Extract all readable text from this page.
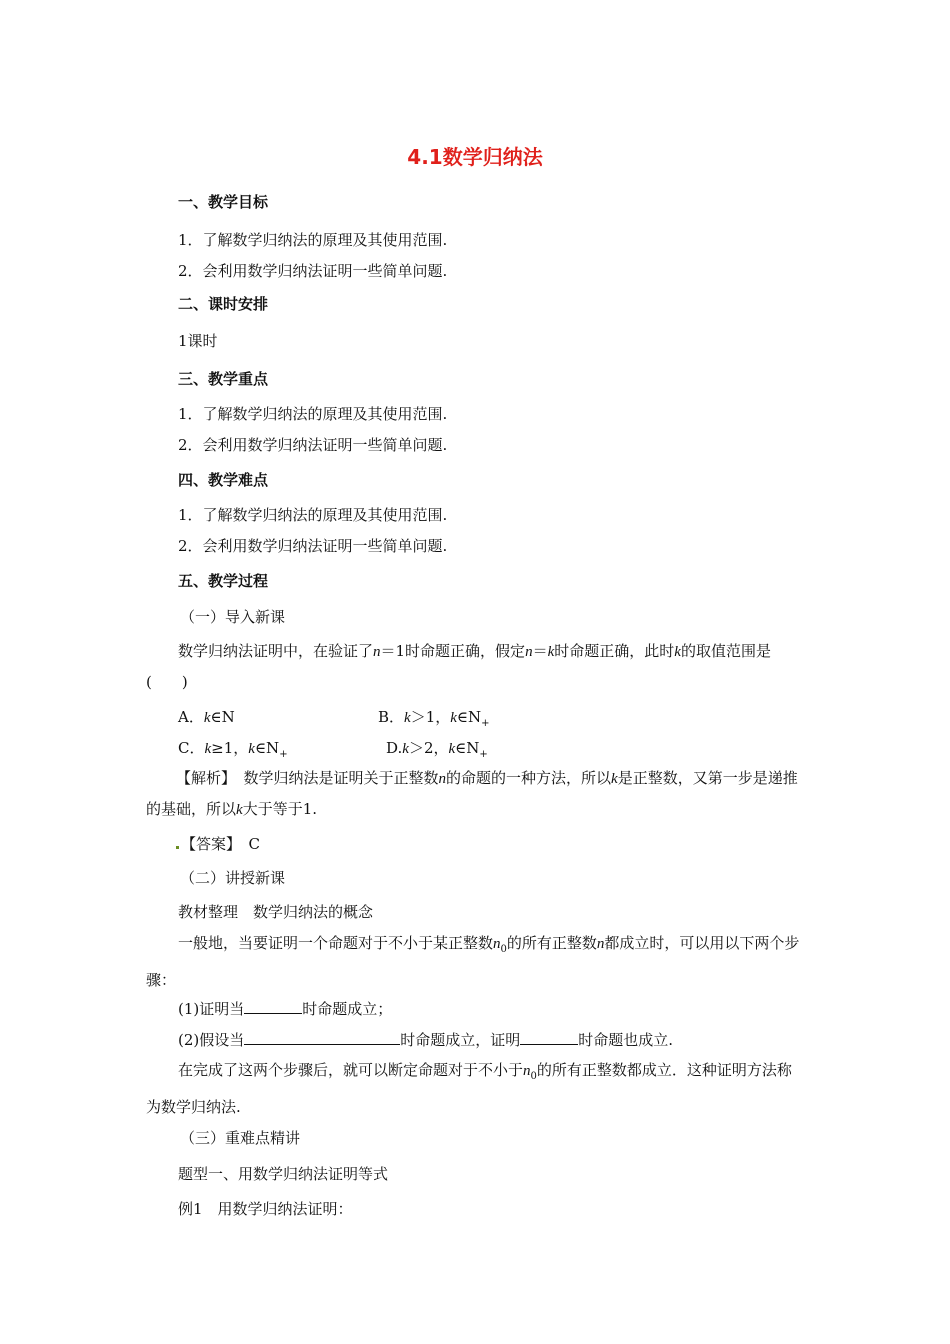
4.1数学归纳法

一、教学目标

1．了解数学归纳法的原理及其使用范围.

2．会利用数学归纳法证明一些简单问题.

二、课时安排

1课时

三、教学重点

1．了解数学归纳法的原理及其使用范围.

2．会利用数学归纳法证明一些简单问题.

四、教学难点

1．了解数学归纳法的原理及其使用范围.

2．会利用数学归纳法证明一些简单问题.

五、教学过程

（一）导入新课

数学归纳法证明中，在验证了n＝1时命题正确，假定n＝k时命题正确，此时k的取值范围是(　　)

A．k∈N	B．k＞1，$k\in N_+$

C．k≥1，$k\in N_+$	D.k＞2，$k\in N_+$

【解析】　数学归纳法是证明关于正整数n的命题的一种方法，所以k是正整数，又第一步是递推的基础，所以k大于等于1.

【答案】　C

（二）讲授新课

教材整理　数学归纳法的概念

一般地，当要证明一个命题对于不小于某正整数$n_0$的所有正整数n都成立时，可以用以下两个步骤：

(1)证明当	时命题成立；

(2)假设当	时命题成立，证明	时命题也成立.

在完成了这两个步骤后，就可以断定命题对于不小于$n_0$的所有正整数都成立．这种证明方法称为数学归纳法.

（三）重难点精讲

题型一、用数学归纳法证明等式

例1　用数学归纳法证明：
